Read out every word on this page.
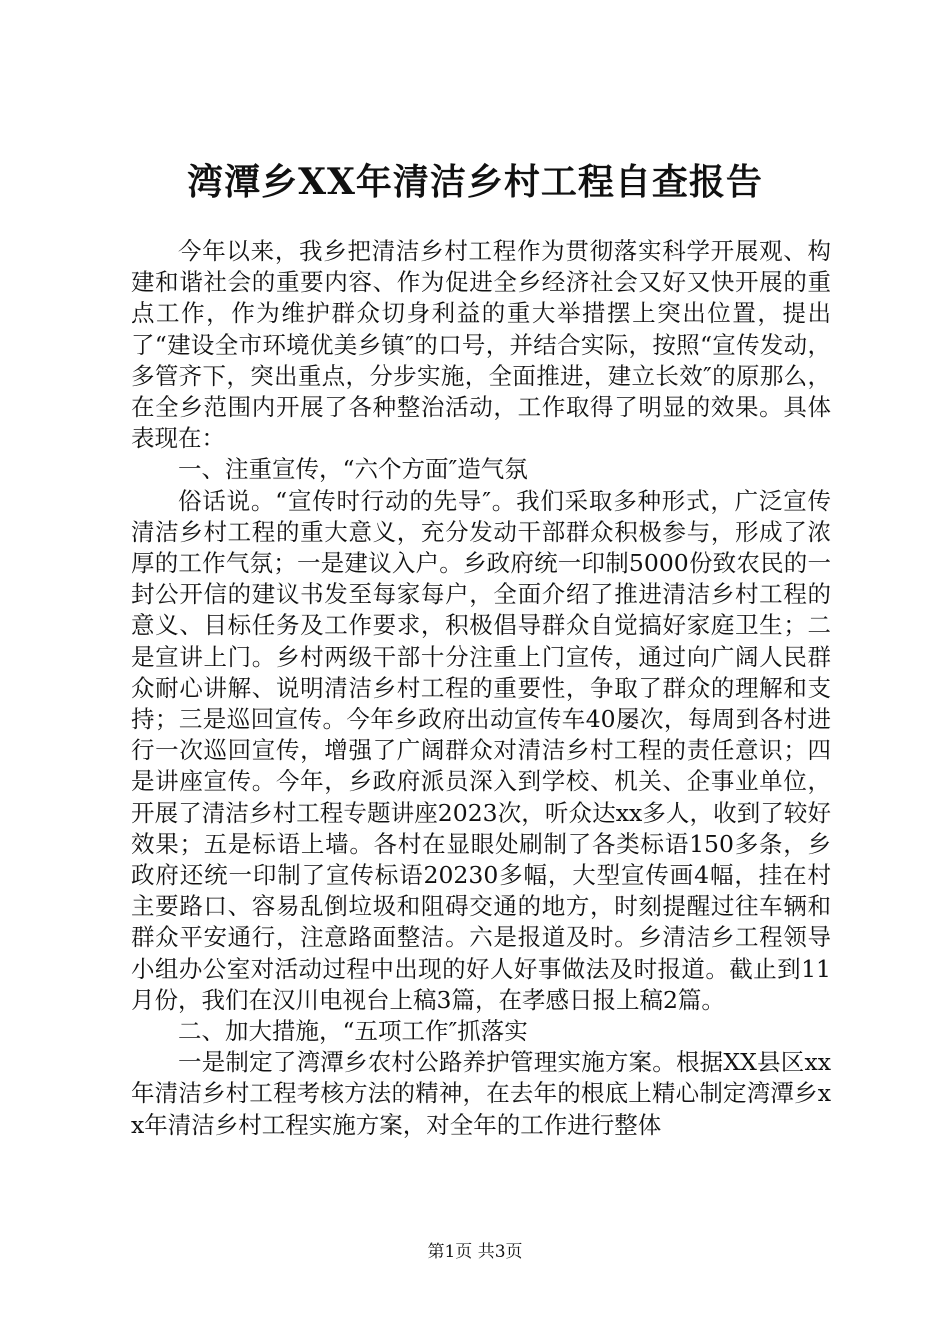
湾潭乡XX年清洁乡村工程自查报告

今年以来，我乡把清洁乡村工程作为贯彻落实科学开展观、构建和谐社会的重要内容、作为促进全乡经济社会又好又快开展的重点工作，作为维护群众切身利益的重大举措摆上突出位置，提出了“建设全市环境优美乡镇″的口号，并结合实际，按照“宣传发动，多管齐下，突出重点，分步实施，全面推进，建立长效″的原那么，在全乡范围内开展了各种整治活动，工作取得了明显的效果。具体表现在：

一、注重宣传，“六个方面″造气氛

俗话说。“宣传时行动的先导″。我们采取多种形式，广泛宣传清洁乡村工程的重大意义，充分发动干部群众积极参与，形成了浓厚的工作气氛；一是建议入户。乡政府统一印制5000份致农民的一封公开信的建议书发至每家每户，全面介绍了推进清洁乡村工程的意义、目标任务及工作要求，积极倡导群众自觉搞好家庭卫生；二是宣讲上门。乡村两级干部十分注重上门宣传，通过向广阔人民群众耐心讲解、说明清洁乡村工程的重要性，争取了群众的理解和支持；三是巡回宣传。今年乡政府出动宣传车40屡次，每周到各村进行一次巡回宣传，增强了广阔群众对清洁乡村工程的责任意识；四是讲座宣传。今年，乡政府派员深入到学校、机关、企事业单位，开展了清洁乡村工程专题讲座2023次，听众达xx多人，收到了较好效果；五是标语上墙。各村在显眼处刷制了各类标语150多条，乡政府还统一印制了宣传标语20230多幅，大型宣传画4幅，挂在村主要路口、容易乱倒垃圾和阻碍交通的地方，时刻提醒过往车辆和群众平安通行，注意路面整洁。六是报道及时。乡清洁乡工程领导小组办公室对活动过程中出现的好人好事做法及时报道。截止到11月份，我们在汉川电视台上稿3篇，在孝感日报上稿2篇。

二、加大措施，“五项工作″抓落实

一是制定了湾潭乡农村公路养护管理实施方案。根据XX县区xx年清洁乡村工程考核方法的精神，在去年的根底上精心制定湾潭乡xx年清洁乡村工程实施方案，对全年的工作进行整体

第1页 共3页
